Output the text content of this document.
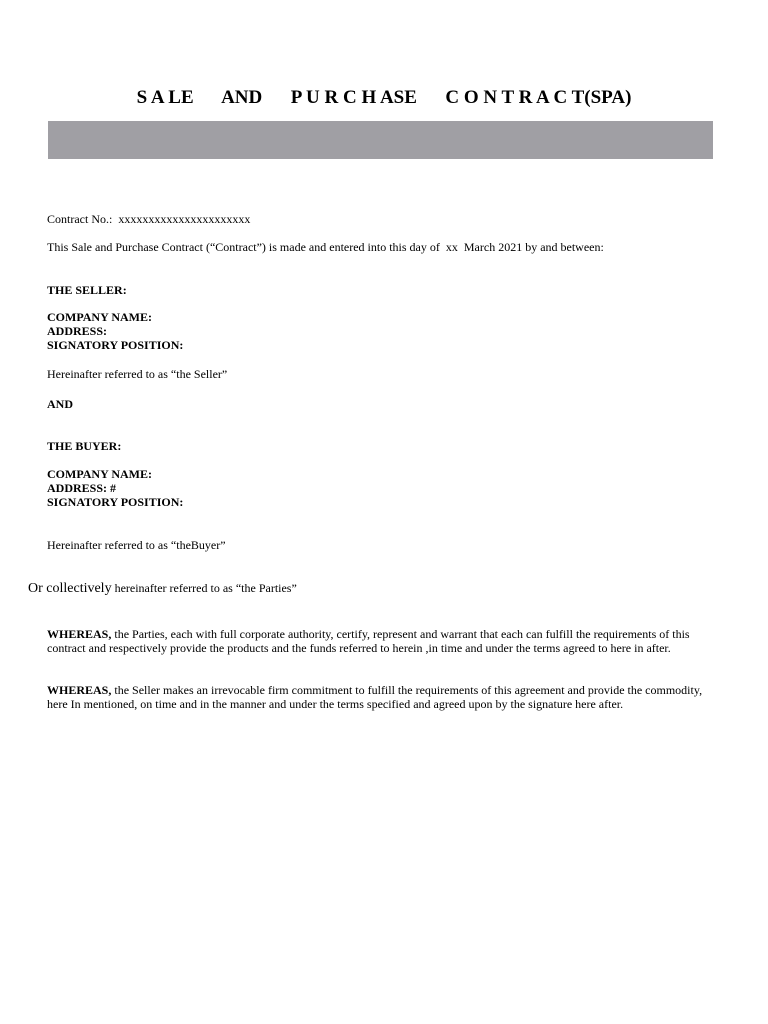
S A LE      AND      P U R C H ASE      C O N T R A C T(SPA)
Contract No.: xxxxxxxxxxxxxxxxxxxxxx
This Sale and Purchase Contract (“Contract”) is made and entered into this day of  xx  March 2021 by and between:
THE SELLER:
COMPANY NAME:
ADDRESS:
SIGNATORY POSITION:
Hereinafter referred to as “the Seller”
AND
THE BUYER:
COMPANY NAME:
ADDRESS: #
SIGNATORY POSITION:
Hereinafter referred to as “theBuyer”
Or collectively hereinafter referred to as “the Parties”
WHEREAS, the Parties, each with full corporate authority, certify, represent and warrant that each can fulfill the requirements of this contract and respectively provide the products and the funds referred to herein ,in time and under the terms agreed to here in after.
WHEREAS, the Seller makes an irrevocable firm commitment to fulfill the requirements of this agreement and provide the commodity, here In mentioned, on time and in the manner and under the terms specified and agreed upon by the signature here after.
